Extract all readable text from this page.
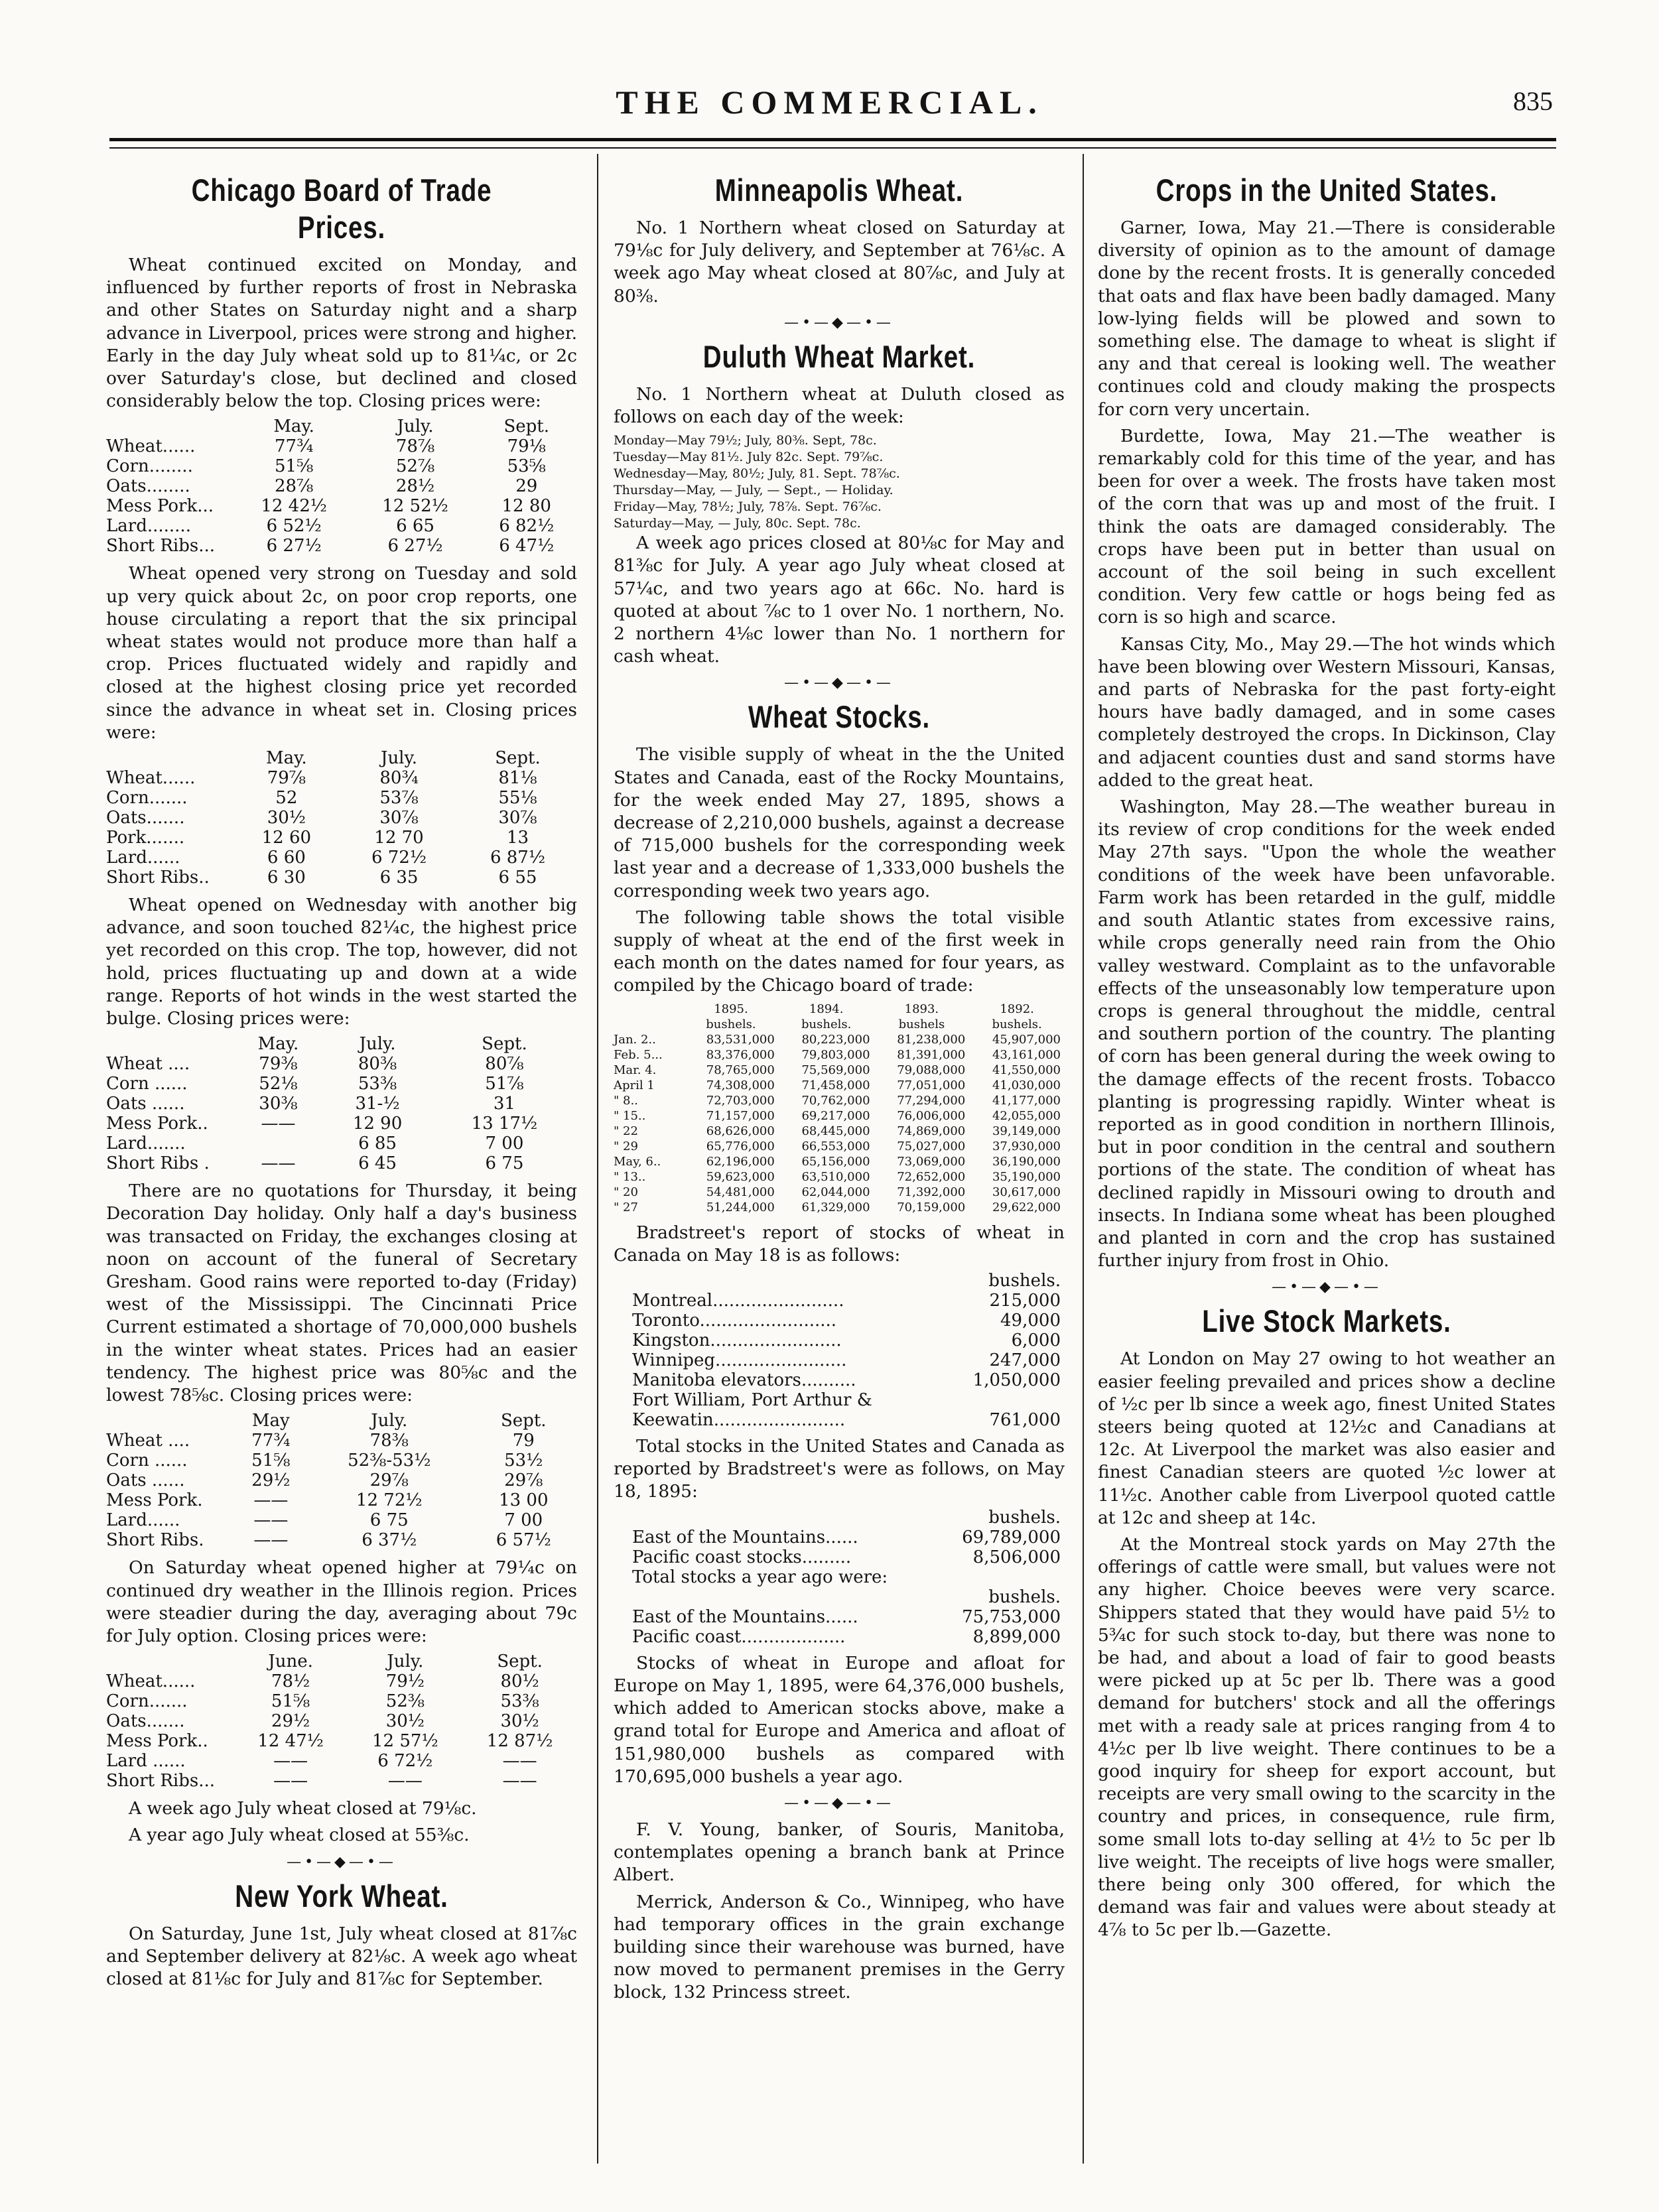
THE COMMERCIAL.	835
Chicago Board of Trade Prices.

Wheat continued excited on Monday, and influenced by further reports of frost in Nebraska and other States on Saturday night and a sharp advance in Liverpool, prices were strong and higher. Early in the day July wheat sold up to 81¼c, or 2c over Saturday's close, but declined and closed considerably below the top. Closing prices were:

	May.	July.	Sept.
Wheat......	77¾	78⅞	79⅛
Corn........	51⅝	52⅞	53⅝
Oats........	28⅞	28½	29
Mess Pork...	12 42½	12 52½	12 80
Lard........	6 52½	6 65	6 82½
Short Ribs...	6 27½	6 27½	6 47½

Wheat opened very strong on Tuesday and sold up very quick about 2c, on poor crop reports, one house circulating a report that the six principal wheat states would not produce more than half a crop. Prices fluctuated widely and rapidly and closed at the highest closing price yet recorded since the advance in wheat set in. Closing prices were:

	May.	July.	Sept.
Wheat......	79⅞	80¾	81⅛
Corn.......	52	53⅞	55⅛
Oats.......	30½	30⅞	30⅞
Pork.......	12 60	12 70	13
Lard......	6 60	6 72½	6 87½
Short Ribs..	6 30	6 35	6 55

Wheat opened on Wednesday with another big advance, and soon touched 82¼c, the highest price yet recorded on this crop. The top, however, did not hold, prices fluctuating up and down at a wide range. Reports of hot winds in the west started the bulge. Closing prices were:

	May.	July.	Sept.
Wheat ....	79⅜	80⅜	80⅞
Corn ......	52⅛	53⅜	51⅞
Oats ......	30⅜	31-½	31
Mess Pork..	——	12 90	13 17½
Lard.......		6 85	7 00
Short Ribs .	——	6 45	6 75

There are no quotations for Thursday, it being Decoration Day holiday. Only half a day's business was transacted on Friday, the exchanges closing at noon on account of the funeral of Secretary Gresham. Good rains were reported to-day (Friday) west of the Mississippi. The Cincinnati Price Current estimated a shortage of 70,000,000 bushels in the winter wheat states. Prices had an easier tendency. The highest price was 80⅝c and the lowest 78⅝c. Closing prices were:

	May	July.	Sept.
Wheat ....	77¾	78⅜	79
Corn ......	51⅝	52⅜-53½	53½
Oats ......	29½	29⅞	29⅞
Mess Pork.	——	12 72½	13 00
Lard......	——	6 75	7 00
Short Ribs.	——	6 37½	6 57½

On Saturday wheat opened higher at 79¼c on continued dry weather in the Illinois region. Prices were steadier during the day, averaging about 79c for July option. Closing prices were:

	June.	July.	Sept.
Wheat......	78½	79½	80½
Corn.......	51⅝	52⅜	53⅜
Oats.......	29½	30½	30½
Mess Pork..	12 47½	12 57½	12 87½
Lard ......	——	6 72½	——
Short Ribs...	——	——	——

A week ago July wheat closed at 79⅛c.

A year ago July wheat closed at 55⅜c.

—•—◆—•—
New York Wheat.

On Saturday, June 1st, July wheat closed at 81⅞c and September delivery at 82⅛c. A week ago wheat closed at 81⅛c for July and 81⅞c for September.

Minneapolis Wheat.

No. 1 Northern wheat closed on Saturday at 79⅛c for July delivery, and September at 76⅛c. A week ago May wheat closed at 80⅞c, and July at 80⅜.

—•—◆—•—
Duluth Wheat Market.

No. 1 Northern wheat at Duluth closed as follows on each day of the week:

Monday—May 79½; July, 80⅜. Sept, 78c.
Tuesday—May 81½. July 82c. Sept. 79⅞c.
Wednesday—May, 80½; July, 81. Sept. 78⅞c.
Thursday—May, — July, — Sept., — Holiday.
Friday—May, 78½; July, 78⅞. Sept. 76⅞c.
Saturday—May, — July, 80c. Sept. 78c.

A week ago prices closed at 80⅛c for May and 81⅜c for July. A year ago July wheat closed at 57¼c, and two years ago at 66c. No. hard is quoted at about ⅞c to 1 over No. 1 northern, No. 2 northern 4⅛c lower than No. 1 northern for cash wheat.

—•—◆—•—
Wheat Stocks.

The visible supply of wheat in the the United States and Canada, east of the Rocky Mountains, for the week ended May 27, 1895, shows a decrease of 2,210,000 bushels, against a decrease of 715,000 bushels for the corresponding week last year and a decrease of 1,333,000 bushels the corresponding week two years ago.

The following table shows the total visible supply of wheat at the end of the first week in each month on the dates named for four years, as compiled by the Chicago board of trade:

	1895.	1894.	1893.	1892.
	bushels.	bushels.	bushels	bushels.
Jan. 2..	83,531,000	80,223,000	81,238,000	45,907,000
Feb. 5...	83,376,000	79,803,000	81,391,000	43,161,000
Mar. 4.	78,765,000	75,569,000	79,088,000	41,550,000
April 1	74,308,000	71,458,000	77,051,000	41,030,000
" 8..	72,703,000	70,762,000	77,294,000	41,177,000
" 15..	71,157,000	69,217,000	76,006,000	42,055,000
" 22	68,626,000	68,445,000	74,869,000	39,149,000
" 29	65,776,000	66,553,000	75,027,000	37,930,000
May, 6..	62,196,000	65,156,000	73,069,000	36,190,000
" 13..	59,623,000	63,510,000	72,652,000	35,190,000
" 20	54,481,000	62,044,000	71,392,000	30,617,000
" 27	51,244,000	61,329,000	70,159,000	29,622,000

Bradstreet's report of stocks of wheat in Canada on May 18 is as follows:

	bushels.
Montreal........................	215,000
Toronto.........................	49,000
Kingston........................	6,000
Winnipeg........................	247,000
Manitoba elevators..........	1,050,000
Fort William, Port Arthur &	
Keewatin........................	761,000

Total stocks in the United States and Canada as reported by Bradstreet's were as follows, on May 18, 1895:

	bushels.
East of the Mountains......	69,789,000
Pacific coast stocks.........	8,506,000
Total stocks a year ago were:	
	bushels.
East of the Mountains......	75,753,000
Pacific coast...................	8,899,000

Stocks of wheat in Europe and afloat for Europe on May 1, 1895, were 64,376,000 bushels, which added to American stocks above, make a grand total for Europe and America and afloat of 151,980,000 bushels as compared with 170,695,000 bushels a year ago.

—•—◆—•—

F. V. Young, banker, of Souris, Manitoba, contemplates opening a branch bank at Prince Albert.

Merrick, Anderson & Co., Winnipeg, who have had temporary offices in the grain exchange building since their warehouse was burned, have now moved to permanent premises in the Gerry block, 132 Princess street.

Crops in the United States.

Garner, Iowa, May 21.—There is considerable diversity of opinion as to the amount of damage done by the recent frosts. It is generally conceded that oats and flax have been badly damaged. Many low-lying fields will be plowed and sown to something else. The damage to wheat is slight if any and that cereal is looking well. The weather continues cold and cloudy making the prospects for corn very uncertain.

Burdette, Iowa, May 21.—The weather is remarkably cold for this time of the year, and has been for over a week. The frosts have taken most of the corn that was up and most of the fruit. I think the oats are damaged considerably. The crops have been put in better than usual on account of the soil being in such excellent condition. Very few cattle or hogs being fed as corn is so high and scarce.

Kansas City, Mo., May 29.—The hot winds which have been blowing over Western Missouri, Kansas, and parts of Nebraska for the past forty-eight hours have badly damaged, and in some cases completely destroyed the crops. In Dickinson, Clay and adjacent counties dust and sand storms have added to the great heat.

Washington, May 28.—The weather bureau in its review of crop conditions for the week ended May 27th says. "Upon the whole the weather conditions of the week have been unfavorable. Farm work has been retarded in the gulf, middle and south Atlantic states from excessive rains, while crops generally need rain from the Ohio valley westward. Complaint as to the unfavorable effects of the unseasonably low temperature upon crops is general throughout the middle, central and southern portion of the country. The planting of corn has been general during the week owing to the damage effects of the recent frosts. Tobacco planting is progressing rapidly. Winter wheat is reported as in good condition in northern Illinois, but in poor condition in the central and southern portions of the state. The condition of wheat has declined rapidly in Missouri owing to drouth and insects. In Indiana some wheat has been ploughed and planted in corn and the crop has sustained further injury from frost in Ohio.

—•—◆—•—
Live Stock Markets.

At London on May 27 owing to hot weather an easier feeling prevailed and prices show a decline of ½c per lb since a week ago, finest United States steers being quoted at 12½c and Canadians at 12c. At Liverpool the market was also easier and finest Canadian steers are quoted ½c lower at 11½c. Another cable from Liverpool quoted cattle at 12c and sheep at 14c.

At the Montreal stock yards on May 27th the offerings of cattle were small, but values were not any higher. Choice beeves were very scarce. Shippers stated that they would have paid 5½ to 5¾c for such stock to-day, but there was none to be had, and about a load of fair to good beasts were picked up at 5c per lb. There was a good demand for butchers' stock and all the offerings met with a ready sale at prices ranging from 4 to 4½c per lb live weight. There continues to be a good inquiry for sheep for export account, but receipts are very small owing to the scarcity in the country and prices, in consequence, rule firm, some small lots to-day selling at 4½ to 5c per lb live weight. The receipts of live hogs were smaller, there being only 300 offered, for which the demand was fair and values were about steady at 4⅞ to 5c per lb.—Gazette.
